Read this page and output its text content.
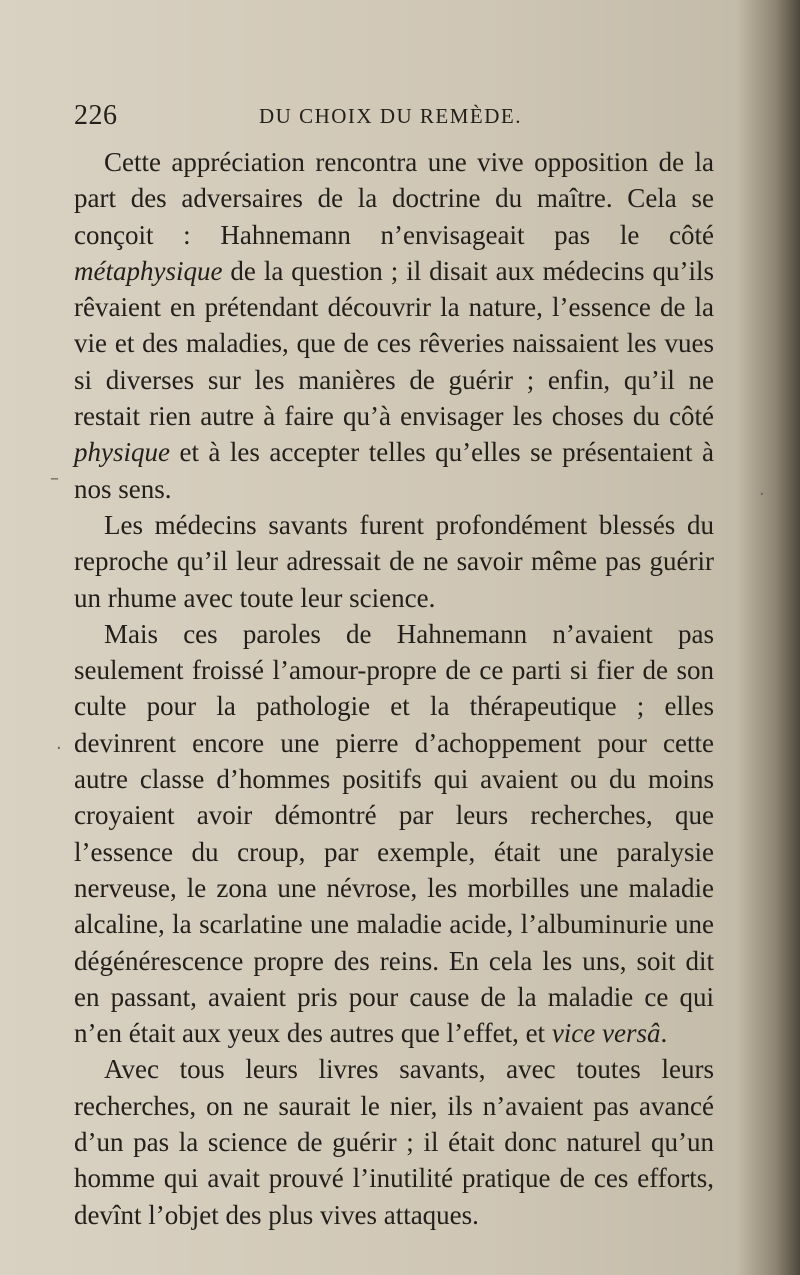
–
·
·
226	DU CHOIX DU REMÈDE.

Cette appréciation rencontra une vive opposition de la part des adversaires de la doctrine du maître. Cela se conçoit : Hahnemann n’envisageait pas le côté métaphysique de la question ; il disait aux médecins qu’ils rêvaient en prétendant découvrir la nature, l’essence de la vie et des maladies, que de ces rêveries naissaient les vues si diverses sur les manières de guérir ; enfin, qu’il ne restait rien autre à faire qu’à envisager les choses du côté physique et à les accepter telles qu’elles se présentaient à nos sens.

Les médecins savants furent profondément blessés du reproche qu’il leur adressait de ne savoir même pas guérir un rhume avec toute leur science.

Mais ces paroles de Hahnemann n’avaient pas seulement froissé l’amour-propre de ce parti si fier de son culte pour la pathologie et la thérapeutique ; elles devinrent encore une pierre d’achoppement pour cette autre classe d’hommes positifs qui avaient ou du moins croyaient avoir démontré par leurs recherches, que l’essence du croup, par exemple, était une paralysie nerveuse, le zona une névrose, les morbilles une maladie alcaline, la scarlatine une maladie acide, l’albuminurie une dégénérescence propre des reins. En cela les uns, soit dit en passant, avaient pris pour cause de la maladie ce qui n’en était aux yeux des autres que l’effet, et vice versâ.

Avec tous leurs livres savants, avec toutes leurs recherches, on ne saurait le nier, ils n’avaient pas avancé d’un pas la science de guérir ; il était donc naturel qu’un homme qui avait prouvé l’inutilité pratique de ces efforts, devînt l’objet des plus vives attaques.
